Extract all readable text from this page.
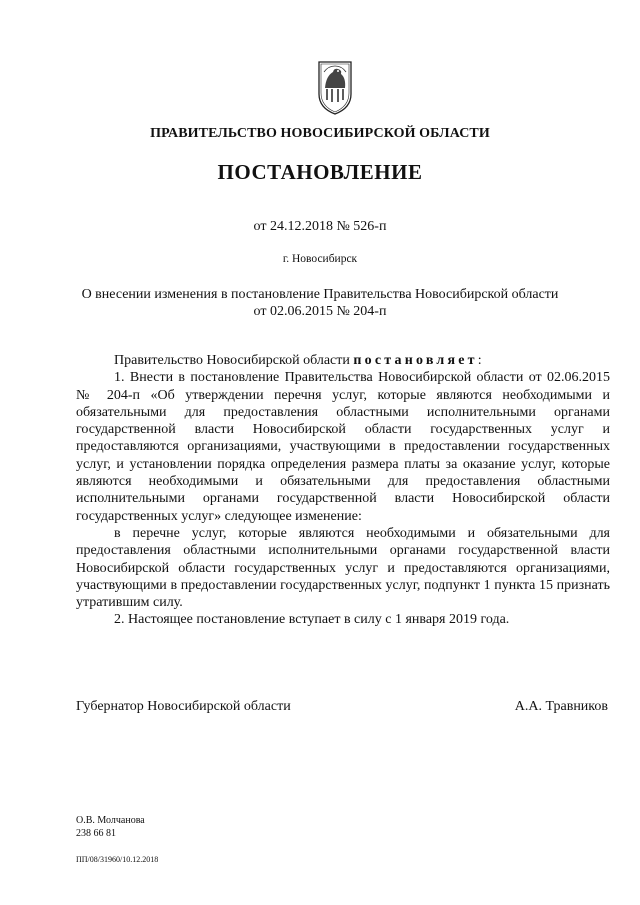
ПРАВИТЕЛЬСТВО НОВОСИБИРСКОЙ ОБЛАСТИ
ПОСТАНОВЛЕНИЕ
от 24.12.2018 № 526-п
г. Новосибирск
О внесении изменения в постановление Правительства Новосибирской области
от 02.06.2015 № 204-п

Правительство Новосибирской области постановляет:

1. Внести в постановление Правительства Новосибирской области от 02.06.2015 № 204-п «Об утверждении перечня услуг, которые являются необходимыми и обязательными для предоставления областными исполнительными органами государственной власти Новосибирской области государственных услуг и предоставляются организациями, участвующими в предоставлении государственных услуг, и установлении порядка определения размера платы за оказание услуг, которые являются необходимыми и обязательными для предоставления областными исполнительными органами государственной власти Новосибирской области государственных услуг» следующее изменение:

в перечне услуг, которые являются необходимыми и обязательными для предоставления областными исполнительными органами государственной власти Новосибирской области государственных услуг и предоставляются организациями, участвующими в предоставлении государственных услуг, подпункт 1 пункта 15 признать утратившим силу.

2. Настоящее постановление вступает в силу с 1 января 2019 года.

Губернатор Новосибирской области	А.А. Травников
О.В. Молчанова
238 66 81
ПП/08/31960/10.12.2018
